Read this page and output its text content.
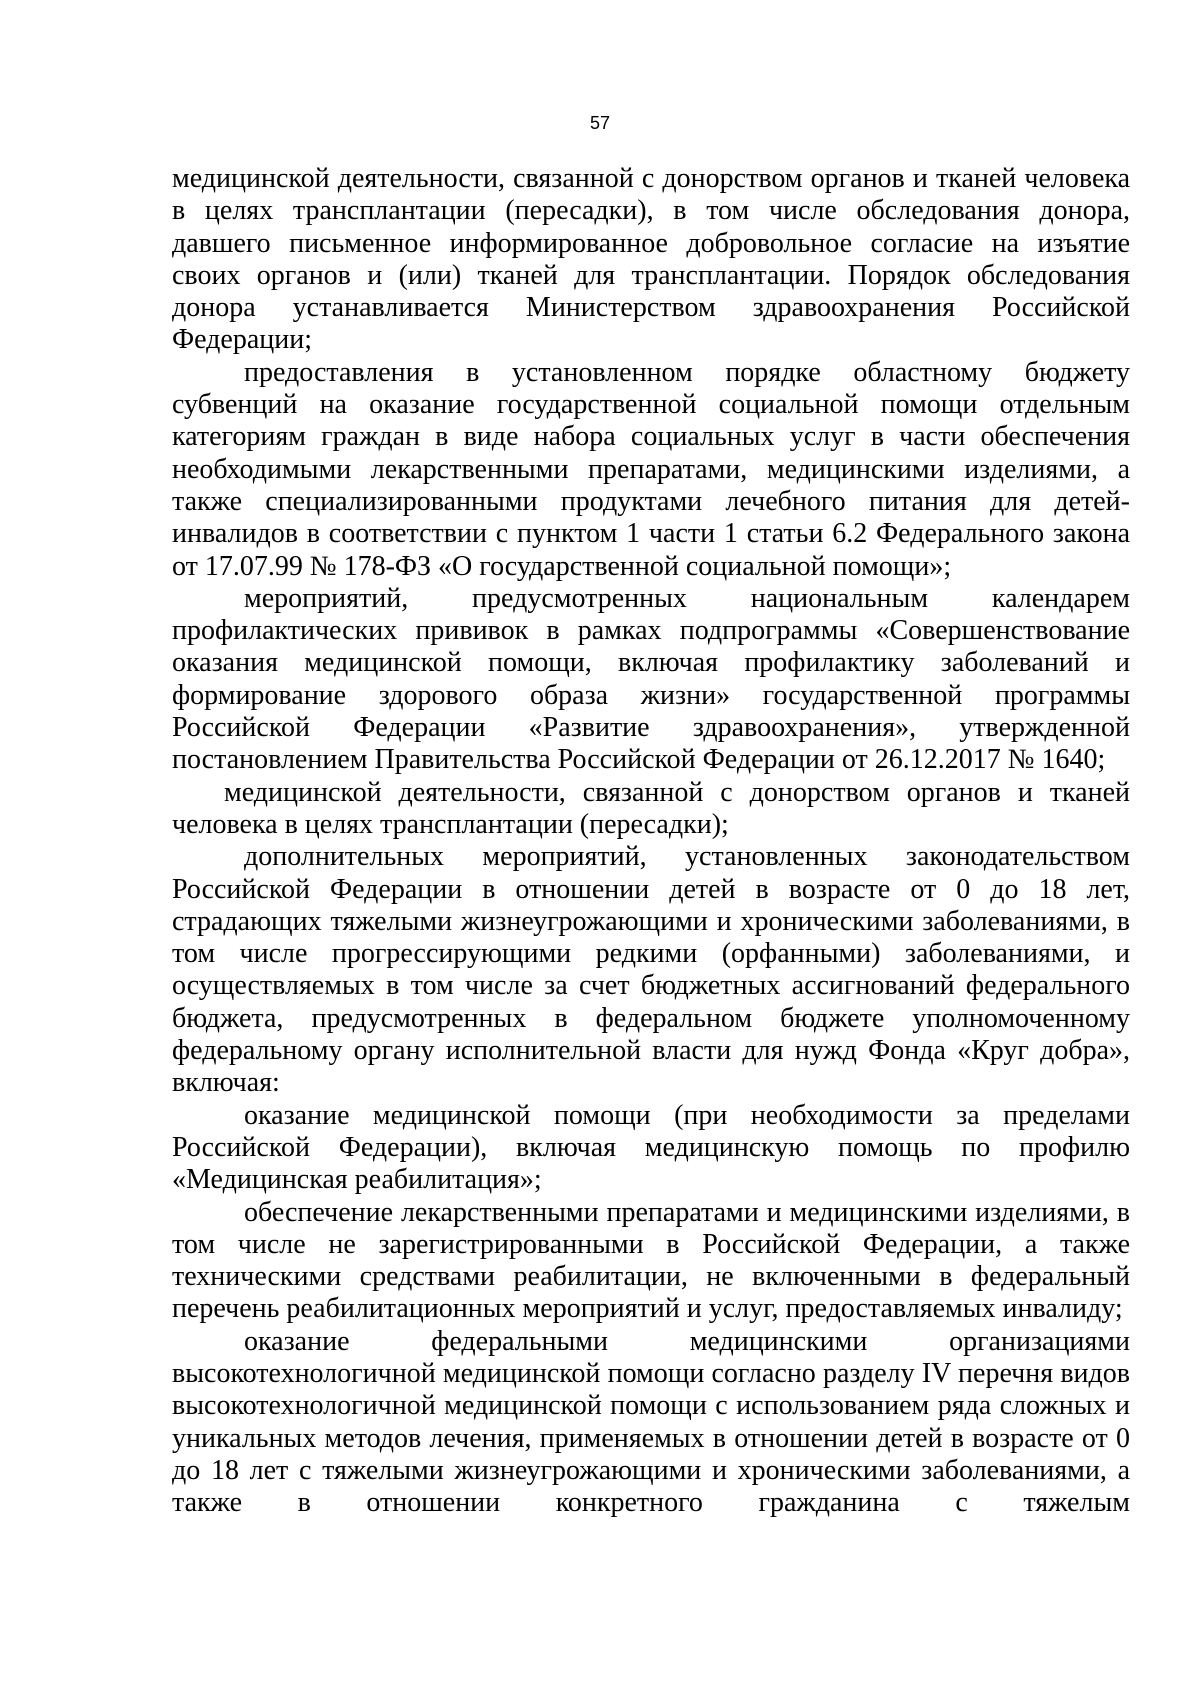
57

медицинской деятельности, связанной с донорством органов и тканей человека в целях трансплантации (пересадки), в том числе обследования донора, давшего письменное информированное добровольное согласие на изъятие своих органов и (или) тканей для трансплантации. Порядок обследования донора устанавливается Министерством здравоохранения Российской Федерации;

предоставления в установленном порядке областному бюджету субвенций на оказание государственной социальной помощи отдельным категориям граждан в виде набора социальных услуг в части обеспечения необходимыми лекарственными препаратами, медицинскими изделиями, а также специализированными продуктами лечебного питания для детей-инвалидов в соответствии с пунктом 1 части 1 статьи 6.2 Федерального закона от 17.07.99 № 178-ФЗ «О государственной социальной помощи»;

мероприятий, предусмотренных национальным календарем профилактических прививок в рамках подпрограммы «Совершенствование оказания медицинской помощи, включая профилактику заболеваний и формирование здорового образа жизни» государственной программы Российской Федерации «Развитие здравоохранения», утвержденной постановлением Правительства Российской Федерации от 26.12.2017 № 1640;

медицинской деятельности, связанной с донорством органов и тканей человека в целях трансплантации (пересадки);

дополнительных мероприятий, установленных законодательством Российской Федерации в отношении детей в возрасте от 0 до 18 лет, страдающих тяжелыми жизнеугрожающими и хроническими заболеваниями, в том числе прогрессирующими редкими (орфанными) заболеваниями, и осуществляемых в том числе за счет бюджетных ассигнований федерального бюджета, предусмотренных в федеральном бюджете уполномоченному федеральному органу исполнительной власти для нужд Фонда «Круг добра», включая:

оказание медицинской помощи (при необходимости за пределами Российской Федерации), включая медицинскую помощь по профилю «Медицинская реабилитация»;

обеспечение лекарственными препаратами и медицинскими изделиями, в том числе не зарегистрированными в Российской Федерации, а также техническими средствами реабилитации, не включенными в федеральный перечень реабилитационных мероприятий и услуг, предоставляемых инвалиду;

оказание федеральными медицинскими организациями высокотехнологичной медицинской помощи согласно разделу IV перечня видов высокотехнологичной медицинской помощи с использованием ряда сложных и уникальных методов лечения, применяемых в отношении детей в возрасте от 0 до 18 лет с тяжелыми жизнеугрожающими и хроническими заболеваниями, а также в отношении конкретного гражданина с тяжелым
